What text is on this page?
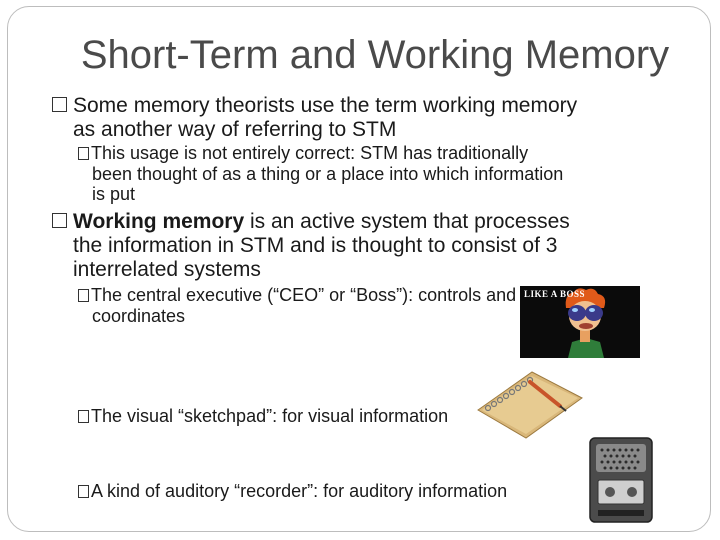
Short-Term and Working Memory
Some memory theorists use the term working memory
as another way of referring to STM
This usage is not entirely correct: STM has traditionally
been thought of as a thing or a place into which information
is put
Working memory is an active system that processes
the information in STM and is thought to consist of 3
interrelated systems
The central executive (“CEO” or “Boss”): controls and
coordinates
The visual “sketchpad”: for visual information
A kind of auditory “recorder”: for auditory information
LIKE A BOSS
